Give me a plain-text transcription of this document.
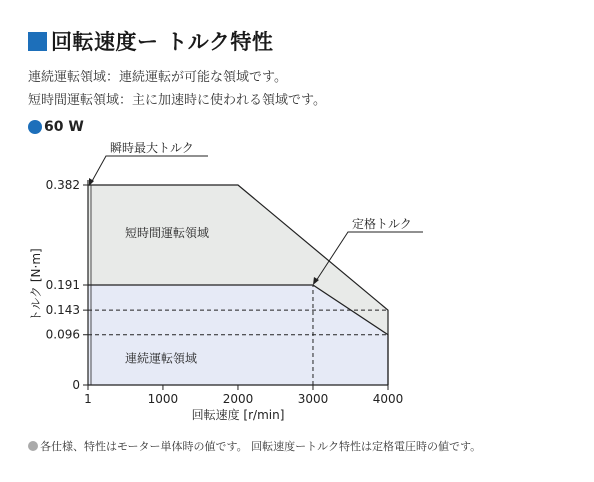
回転速度ー トルク特性
連続運転領域：連続運転が可能な領域です。
短時間運転領域：主に加速時に使われる領域です。
60 W
短時間運転領域
連続運転領域
0
0.096
0.143
0.191
0.382
1	1000	2000	3000	4000
回転速度 [r/min]
トルク [N·m]
瞬時最大トルク
定格トルク
各仕様、特性はモーター単体時の値です。 回転速度ートルク特性は定格電圧時の値です。
